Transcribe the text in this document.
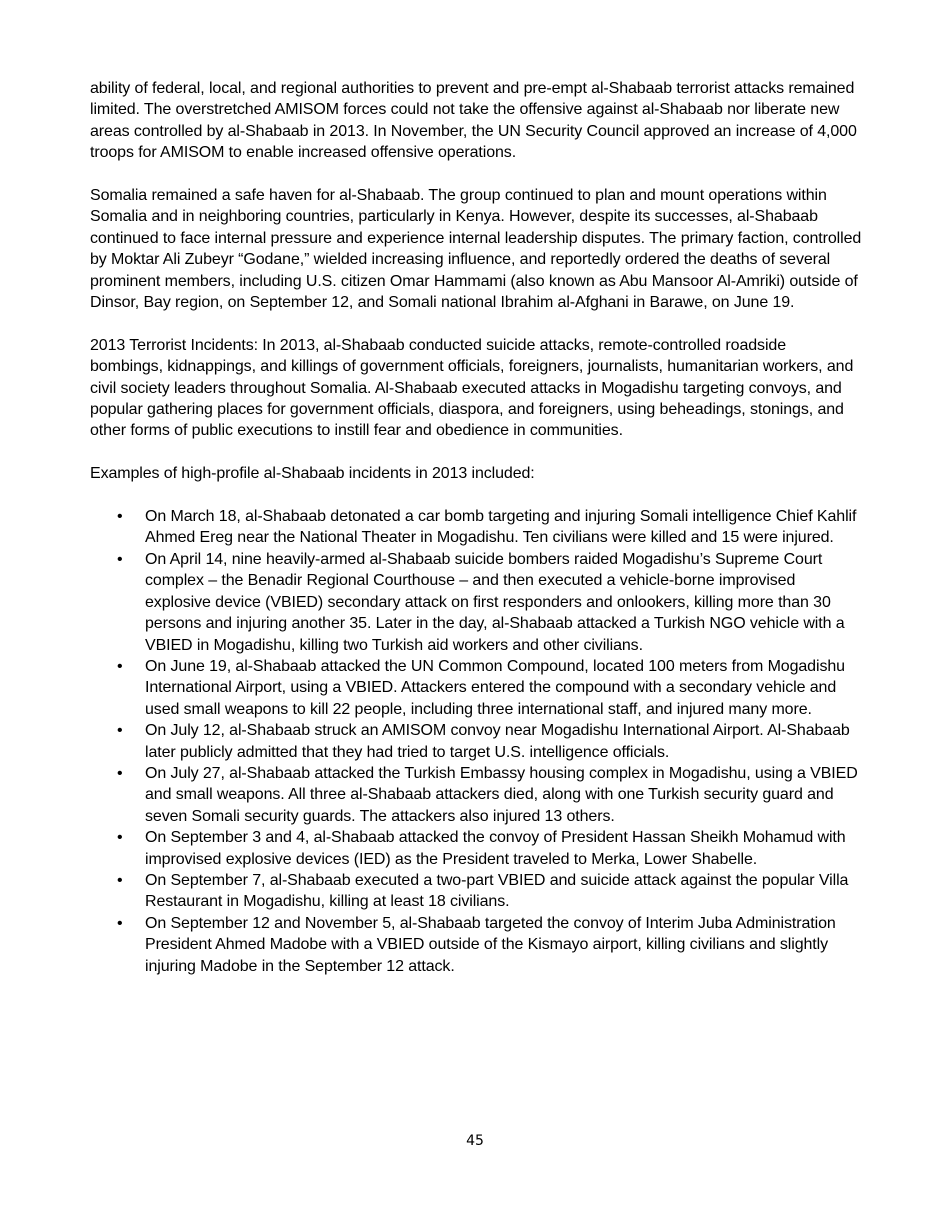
ability of federal, local, and regional authorities to prevent and pre-empt al-Shabaab terrorist attacks remained limited. The overstretched AMISOM forces could not take the offensive against al-Shabaab nor liberate new areas controlled by al-Shabaab in 2013. In November, the UN Security Council approved an increase of 4,000 troops for AMISOM to enable increased offensive operations.

Somalia remained a safe haven for al-Shabaab. The group continued to plan and mount operations within Somalia and in neighboring countries, particularly in Kenya. However, despite its successes, al-Shabaab continued to face internal pressure and experience internal leadership disputes. The primary faction, controlled by Moktar Ali Zubeyr “Godane,” wielded increasing influence, and reportedly ordered the deaths of several prominent members, including U.S. citizen Omar Hammami (also known as Abu Mansoor Al-Amriki) outside of Dinsor, Bay region, on September 12, and Somali national Ibrahim al-Afghani in Barawe, on June 19.

2013 Terrorist Incidents: In 2013, al-Shabaab conducted suicide attacks, remote-controlled roadside bombings, kidnappings, and killings of government officials, foreigners, journalists, humanitarian workers, and civil society leaders throughout Somalia. Al-Shabaab executed attacks in Mogadishu targeting convoys, and popular gathering places for government officials, diaspora, and foreigners, using beheadings, stonings, and other forms of public executions to instill fear and obedience in communities.

Examples of high-profile al-Shabaab incidents in 2013 included:

• On March 18, al-Shabaab detonated a car bomb targeting and injuring Somali intelligence Chief Kahlif Ahmed Ereg near the National Theater in Mogadishu. Ten civilians were killed and 15 were injured.
• On April 14, nine heavily-armed al-Shabaab suicide bombers raided Mogadishu’s Supreme Court complex – the Benadir Regional Courthouse – and then executed a vehicle-borne improvised explosive device (VBIED) secondary attack on first responders and onlookers, killing more than 30 persons and injuring another 35. Later in the day, al-Shabaab attacked a Turkish NGO vehicle with a VBIED in Mogadishu, killing two Turkish aid workers and other civilians.
• On June 19, al-Shabaab attacked the UN Common Compound, located 100 meters from Mogadishu International Airport, using a VBIED. Attackers entered the compound with a secondary vehicle and used small weapons to kill 22 people, including three international staff, and injured many more.
• On July 12, al-Shabaab struck an AMISOM convoy near Mogadishu International Airport. Al-Shabaab later publicly admitted that they had tried to target U.S. intelligence officials.
• On July 27, al-Shabaab attacked the Turkish Embassy housing complex in Mogadishu, using a VBIED and small weapons. All three al-Shabaab attackers died, along with one Turkish security guard and seven Somali security guards. The attackers also injured 13 others.
• On September 3 and 4, al-Shabaab attacked the convoy of President Hassan Sheikh Mohamud with improvised explosive devices (IED) as the President traveled to Merka, Lower Shabelle.
• On September 7, al-Shabaab executed a two-part VBIED and suicide attack against the popular Villa Restaurant in Mogadishu, killing at least 18 civilians.
• On September 12 and November 5, al-Shabaab targeted the convoy of Interim Juba Administration President Ahmed Madobe with a VBIED outside of the Kismayo airport, killing civilians and slightly injuring Madobe in the September 12 attack.
45
